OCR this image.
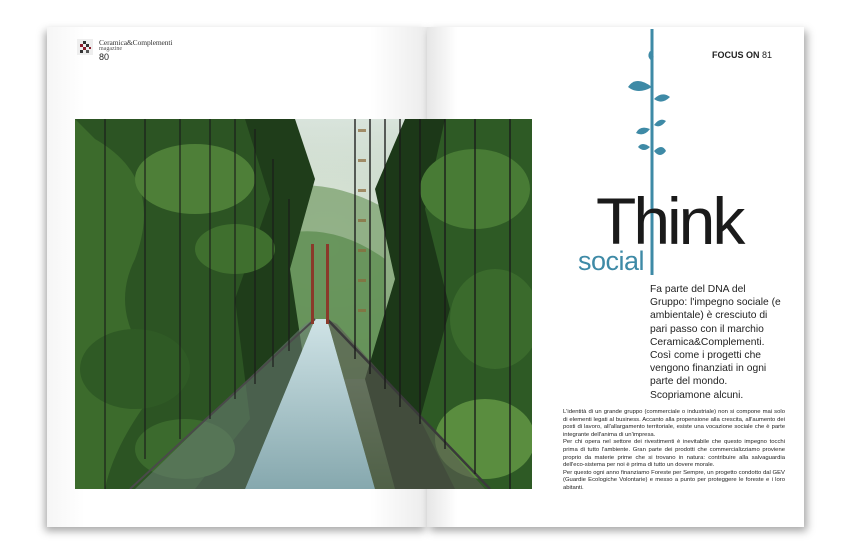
Ceramica&Complementi
magazine
80	FOCUS ON 81
Think
social
Fa parte del DNA del Gruppo: l'impegno sociale (e ambientale) è cresciuto di pari passo con il marchio Ceramica&Complementi. Così come i progetti che vengono finanziati in ogni parte del mondo. Scopriamone alcuni.

L'identità di un grande gruppo (commerciale o industriale) non si compone mai solo di elementi legati al business. Accanto alla propensione alla crescita, all'aumento dei posti di lavoro, all'allargamento territoriale, esiste una vocazione sociale che è parte integrante dell'anima di un'impresa.

Per chi opera nel settore dei rivestimenti è inevitabile che questo impegno tocchi prima di tutto l'ambiente. Gran parte dei prodotti che commercializziamo proviene proprio da materie prime che si trovano in natura: contribuire alla salvaguardia dell'eco-sistema per noi è prima di tutto un dovere morale.

Per questo ogni anno finanziamo Foreste per Sempre, un progetto condotto dal GEV (Guardie Ecologiche Volontarie) e messo a punto per proteggere le foreste e i loro abitanti.
